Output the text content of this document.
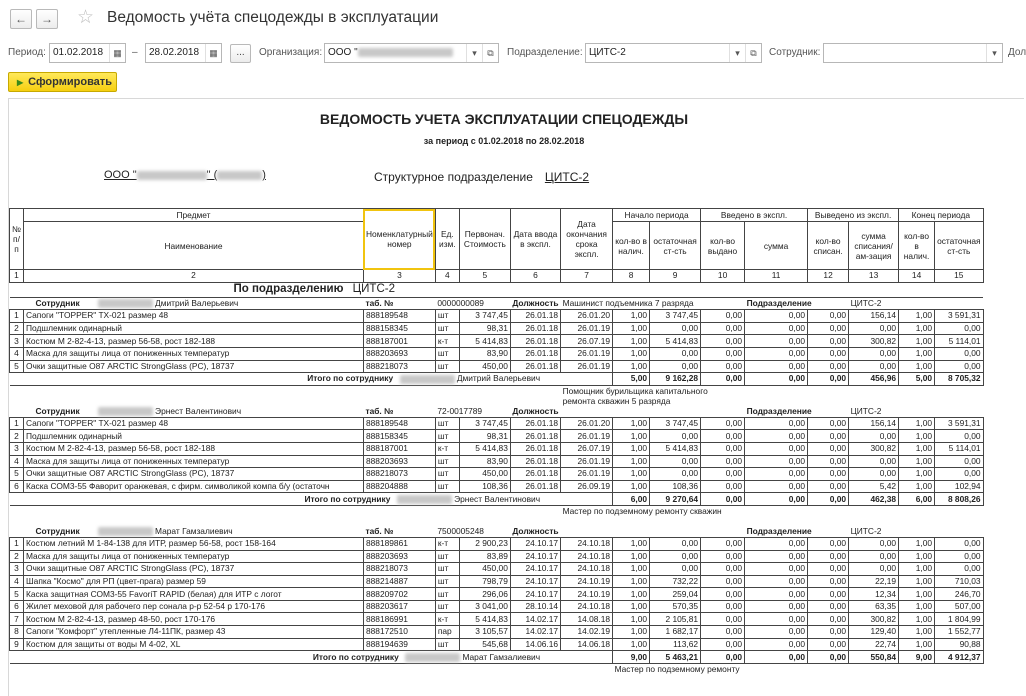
←	→ ☆ Ведомость учёта спецодежды в эксплуатации
Период: 01.02.2018	▦	–	28.02.2018	▦	...	Организация: ООО "	▾	⧉	Подразделение: ЦИТС-2	▾	⧉	Сотрудник:	▾	Дол
▶ Сформировать
ВЕДОМОСТЬ УЧЕТА ЭКСПЛУАТАЦИИ СПЕЦОДЕЖДЫ
за период с 01.02.2018 по 28.02.2018
ООО "	" (	)	Структурное подразделение ЦИТС-2
№ п/п	Предмет	Номенклатурный номер	Ед. изм.	Первонач. Стоимость	Дата ввода в экспл.	Дата окончания срока экспл.	Начало периода		Введено в экспл.		Выведено из экспл.		Конец периода	
	Наименование													
							кол-во в налич.	остаточная ст-сть	кол-во выдано	сумма	кол-во списан.	сумма списания/ам-зация	кол-во в налич.	остаточная ст-сть
1	2	3	4	5	6	7	8	9	10	11	12	13	14	15
	По подразделению ЦИТС-2													
	Сотрудник Дмитрий Валерьевич	таб. №	0000000089		Должность	Машинист подъемника 7 разряда				Подразделение		ЦИТС-2		
1	Сапоги "TOPPER" TX-021 размер 48	888189548	шт	3 747,45	26.01.18	26.01.20	1,00	3 747,45	0,00	0,00	0,00	156,14	1,00	3 591,31
2	Подшлемник одинарный	888158345	шт	98,31	26.01.18	26.01.19	1,00	0,00	0,00	0,00	0,00	0,00	1,00	0,00
3	Костюм М 2-82-4-13, размер 56-58, рост 182-188	888187001	к-т	5 414,83	26.01.18	26.07.19	1,00	5 414,83	0,00	0,00	0,00	300,82	1,00	5 114,01
4	Маска для защиты лица от пониженных температур	888203693	шт	83,90	26.01.18	26.01.19	1,00	0,00	0,00	0,00	0,00	0,00	1,00	0,00
5	Очки защитные О87 ARCTIC StrongGlass (PC), 18737	888218073	шт	450,00	26.01.18	26.01.19	1,00	0,00	0,00	0,00	0,00	0,00	1,00	0,00
	Итого по сотруднику Дмитрий Валерьевич						5,00	9 162,28	0,00	0,00	0,00	456,96	5,00	8 705,32
	Сотрудник Эрнест Валентинович	таб. №	72-0017789		Должность	Помощник бурильщика капитального ремонта скважин 5 разряда				Подразделение		ЦИТС-2		
1	Сапоги "TOPPER" TX-021 размер 48	888189548	шт	3 747,45	26.01.18	26.01.20	1,00	3 747,45	0,00	0,00	0,00	156,14	1,00	3 591,31
2	Подшлемник одинарный	888158345	шт	98,31	26.01.18	26.01.19	1,00	0,00	0,00	0,00	0,00	0,00	1,00	0,00
3	Костюм М 2-82-4-13, размер 56-58, рост 182-188	888187001	к-т	5 414,83	26.01.18	26.07.19	1,00	5 414,83	0,00	0,00	0,00	300,82	1,00	5 114,01
4	Маска для защиты лица от пониженных температур	888203693	шт	83,90	26.01.18	26.01.19	1,00	0,00	0,00	0,00	0,00	0,00	1,00	0,00
5	Очки защитные О87 ARCTIC StrongGlass (PC), 18737	888218073	шт	450,00	26.01.18	26.01.19	1,00	0,00	0,00	0,00	0,00	0,00	1,00	0,00
6	Каска СОМ3-55 Фаворит оранжевая, с фирм. символикой компа б/у (остаточн	888204888	шт	108,36	26.01.18	26.09.19	1,00	108,36	0,00	0,00	0,00	5,42	1,00	102,94
	Итого по сотруднику Эрнест Валентинович						6,00	9 270,64	0,00	0,00	0,00	462,38	6,00	8 808,26
	Сотрудник Марат Гамзалиевич	таб. №	7500005248		Должность	Мастер по подземному ремонту скважин				Подразделение		ЦИТС-2		
1	Костюм летний М 1-84-138 для ИТР, размер 56-58, рост 158-164	888189861	к-т	2 900,23	24.10.17	24.10.18	1,00	0,00	0,00	0,00	0,00	0,00	1,00	0,00
2	Маска для защиты лица от пониженных температур	888203693	шт	83,89	24.10.17	24.10.18	1,00	0,00	0,00	0,00	0,00	0,00	1,00	0,00
3	Очки защитные О87 ARCTIC StrongGlass (PC), 18737	888218073	шт	450,00	24.10.17	24.10.18	1,00	0,00	0,00	0,00	0,00	0,00	1,00	0,00
4	Шапка "Космо" для РП (цвет-прага) размер 59	888214887	шт	798,79	24.10.17	24.10.19	1,00	732,22	0,00	0,00	0,00	22,19	1,00	710,03
5	Каска защитная СОМ3-55 FavoriT RAPID (белая) для ИТР с логот	888209702	шт	296,06	24.10.17	24.10.19	1,00	259,04	0,00	0,00	0,00	12,34	1,00	246,70
6	Жилет меховой для рабочего пер сонала р-р 52-54 р 170-176	888203617	шт	3 041,00	28.10.14	24.10.18	1,00	570,35	0,00	0,00	0,00	63,35	1,00	507,00
7	Костюм М 2-82-4-13, размер 48-50, рост 170-176	888186991	к-т	5 414,83	14.02.17	14.08.18	1,00	2 105,81	0,00	0,00	0,00	300,82	1,00	1 804,99
8	Сапоги "Комфорт" утепленные Л4-11ПК, размер 43	888172510	пар	3 105,57	14.02.17	14.02.19	1,00	1 682,17	0,00	0,00	0,00	129,40	1,00	1 552,77
9	Костюм для защиты от воды М 4-02, XL	888194639	шт	545,68	14.06.16	14.06.18	1,00	113,62	0,00	0,00	0,00	22,74	1,00	90,88
	Итого по сотруднику Марат Гамзалиевич						9,00	5 463,21	0,00	0,00	0,00	550,84	9,00	4 912,37
							Мастер по подземному ремонту							
